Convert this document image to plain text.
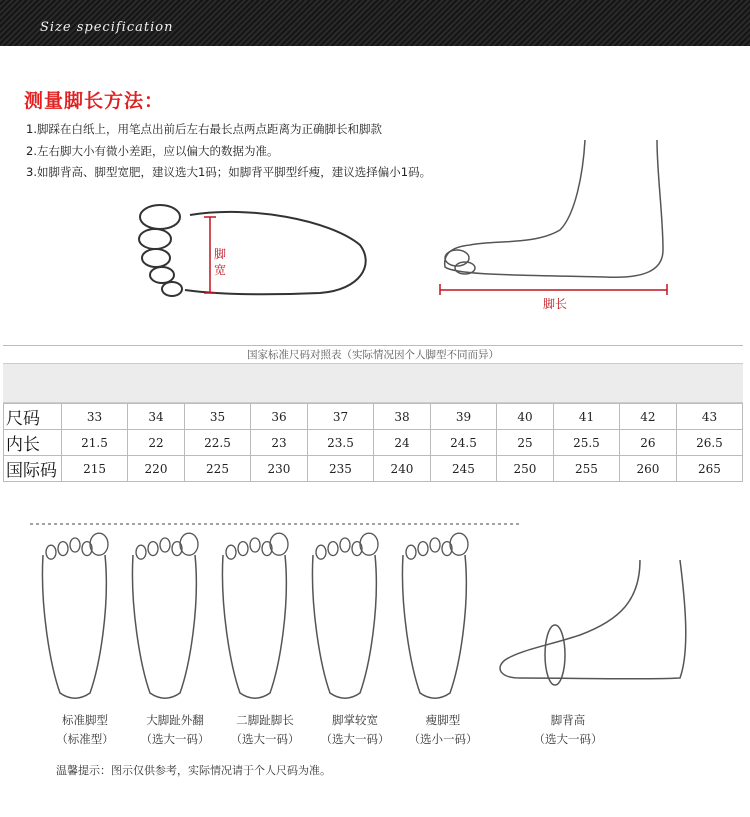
Size specification
测量脚长方法：
1.脚踩在白纸上，用笔点出前后左右最长点两点距离为正确脚长和脚款
2.左右脚大小有微小差距，应以偏大的数据为准。
3.如脚背高、脚型宽肥，建议选大1码；如脚背平脚型纤瘦，建议选择偏小1码。
脚宽
脚长
国家标准尺码对照表（实际情况因个人脚型不同而异）
尺码	33	34	35	36	37	38	39	40	41	42	43
内长	21.5	22	22.5	23	23.5	24	24.5	25	25.5	26	26.5
国际码	215	220	225	230	235	240	245	250	255	260	265
标准脚型
（标准型）
大脚趾外翻
（选大一码）
二脚趾脚长
（选大一码）
脚掌较宽
（选大一码）
瘦脚型
（选小一码）
脚背高
（选大一码）
温馨提示：图示仅供参考，实际情况请于个人尺码为准。
